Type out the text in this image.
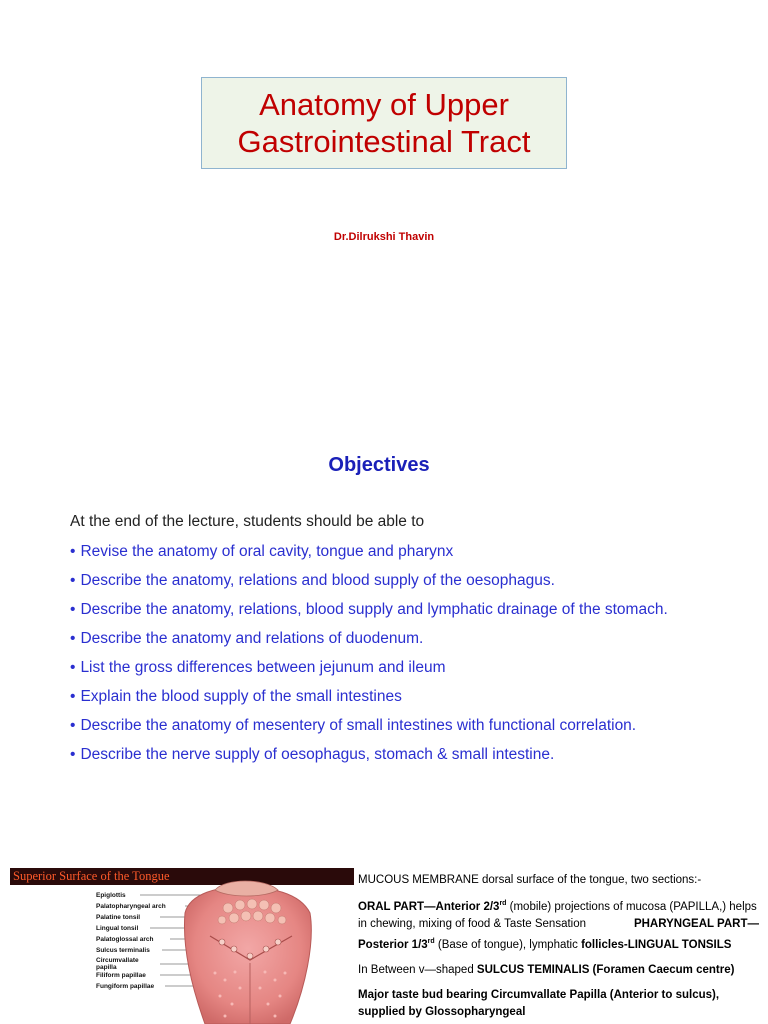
Anatomy of Upper
Gastrointestinal Tract
Dr.Dilrukshi Thavin
Objectives
At the end of the lecture, students should be able to
• Revise the anatomy of oral cavity, tongue and pharynx
• Describe the anatomy, relations and blood supply of the oesophagus.
• Describe the anatomy, relations, blood supply and lymphatic drainage of the stomach.
• Describe the anatomy and relations of duodenum.
• List the gross differences between jejunum and ileum
• Explain the blood supply of the small intestines
• Describe the anatomy of mesentery of small intestines with functional correlation.
• Describe the nerve supply of oesophagus, stomach & small intestine.
Superior Surface of the Tongue
Epiglottis
Palatopharyngeal arch
Palatine tonsil
Lingual tonsil
Palatoglossal arch
Sulcus terminalis
Circumvallate papilla
Filiform papillae
Fungiform papillae

MUCOUS MEMBRANE dorsal surface of the tongue, two sections:-

ORAL PART—Anterior 2/3rd (mobile) projections of mucosa (PAPILLA,) helps in chewing, mixing of food & Taste Sensation	PHARYNGEAL PART—Posterior 1/3rd (Base of tongue), lymphatic follicles-LINGUAL TONSILS

In Between v—shaped SULCUS TEMINALIS (Foramen Caecum centre)

Major taste bud bearing Circumvallate Papilla (Anterior to sulcus), supplied by Glossopharyngeal
